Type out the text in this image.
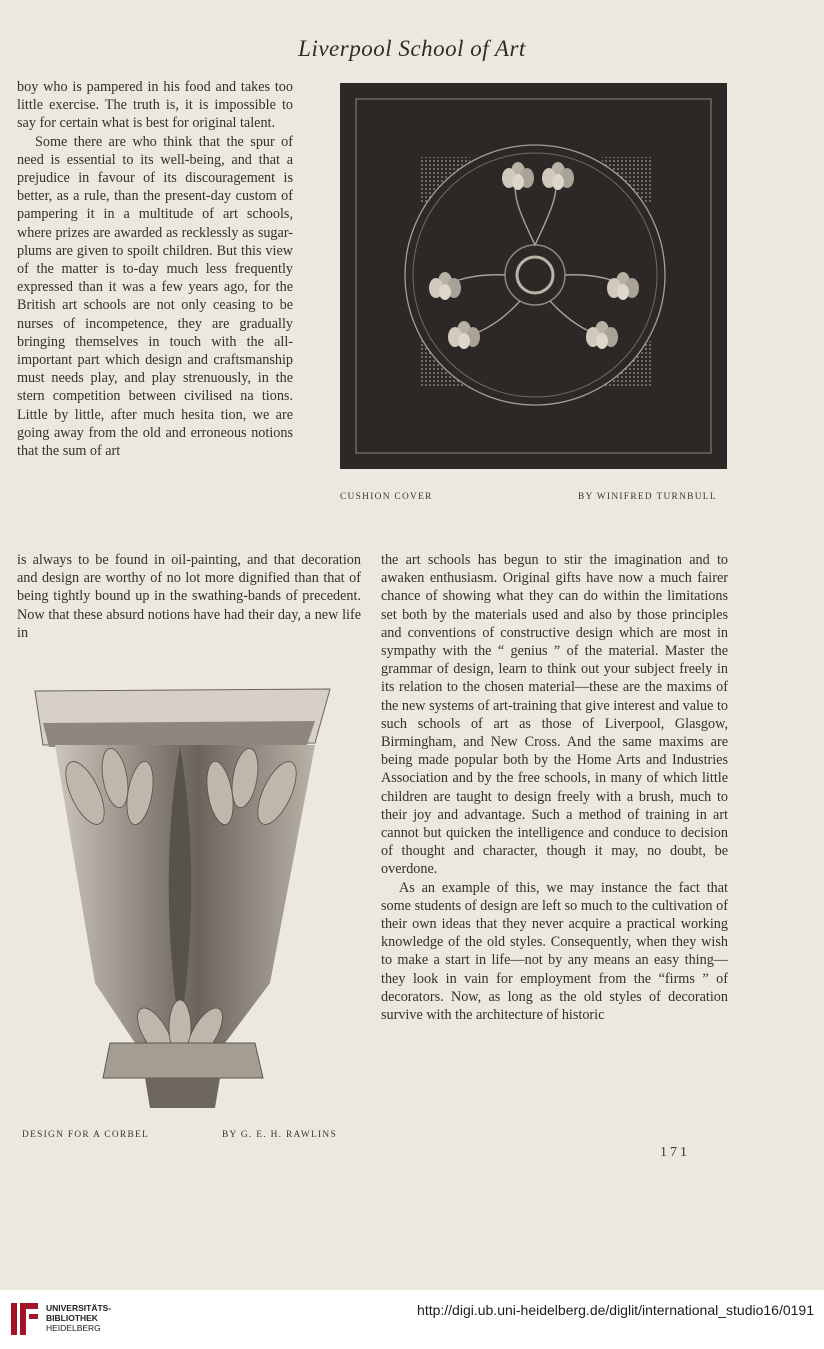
Liverpool School of Art

boy who is pampered in his food and takes too little exercise. The truth is, it is impossible to say for certain what is best for original talent.

Some there are who think that the spur of need is essential to its well-being, and that a prejudice in favour of its discouragement is better, as a rule, than the present-day custom of pampering it in a multitude of art schools, where prizes are awarded as recklessly as sugar-plums are given to spoilt children. But this view of the matter is to-day much less frequently expressed than it was a few years ago, for the British art schools are not only ceasing to be nurses of incompetence, they are gradually bringing themselves in touch with the all-important part which design and craftsmanship must needs play, and play strenuously, in the stern competition between civilised na tions. Little by little, after much hesita tion, we are going away from the old and erroneous notions that the sum of art

CUSHION COVER	BY WINIFRED TURNBULL

is always to be found in oil-painting, and that decoration and design are worthy of no lot more dignified than that of being tightly bound up in the swathing-bands of precedent. Now that these absurd notions have had their day, a new life in

the art schools has begun to stir the imagination and to awaken enthusiasm. Original gifts have now a much fairer chance of showing what they can do within the limitations set both by the materials used and also by those principles and conventions of constructive design which are most in sympathy with the “ genius ” of the material. Master the grammar of design, learn to think out your subject freely in its relation to the chosen material—these are the maxims of the new systems of art-training that give interest and value to such schools of art as those of Liverpool, Glasgow, Birmingham, and New Cross. And the same maxims are being made popular both by the Home Arts and Industries Association and by the free schools, in many of which little children are taught to design freely with a brush, much to their joy and advantage. Such a method of training in art cannot but quicken the intelligence and conduce to decision of thought and character, though it may, no doubt, be overdone.

As an example of this, we may instance the fact that some students of design are left so much to the cultivation of their own ideas that they never acquire a practical working knowledge of the old styles. Consequently, when they wish to make a start in life—not by any means an easy thing—they look in vain for employment from the “firms ” of decorators. Now, as long as the old styles of decoration survive with the architecture of historic

DESIGN FOR A CORBEL	BY G. E. H. RAWLINS
171
UNIVERSITÄTS-
BIBLIOTHEK
HEIDELBERG
http://digi.ub.uni-heidelberg.de/diglit/international_studio16/0191
